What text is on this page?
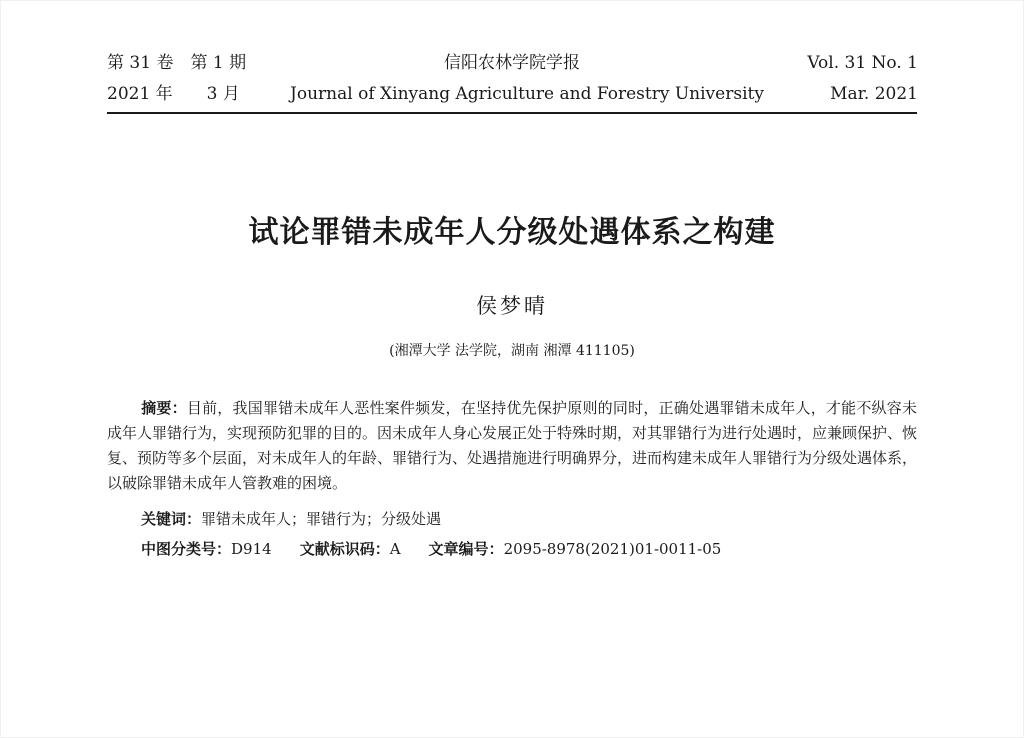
第 31 卷　第 1 期
2021 年　　3 月
信阳农林学院学报
Journal of Xinyang Agriculture and Forestry University
Vol. 31 No. 1
Mar. 2021
试论罪错未成年人分级处遇体系之构建
侯梦晴
(湘潭大学 法学院，湖南 湘潭 411105)
摘要：目前，我国罪错未成年人恶性案件频发，在坚持优先保护原则的同时，正确处遇罪错未成年人，才能不纵容未成年人罪错行为，实现预防犯罪的目的。因未成年人身心发展正处于特殊时期，对其罪错行为进行处遇时，应兼顾保护、恢复、预防等多个层面，对未成年人的年龄、罪错行为、处遇措施进行明确界分，进而构建未成年人罪错行为分级处遇体系，以破除罪错未成年人管教难的困境。
关键词：罪错未成年人；罪错行为；分级处遇
中图分类号：D914 文献标识码：A 文章编号：2095-8978(2021)01-0011-05
